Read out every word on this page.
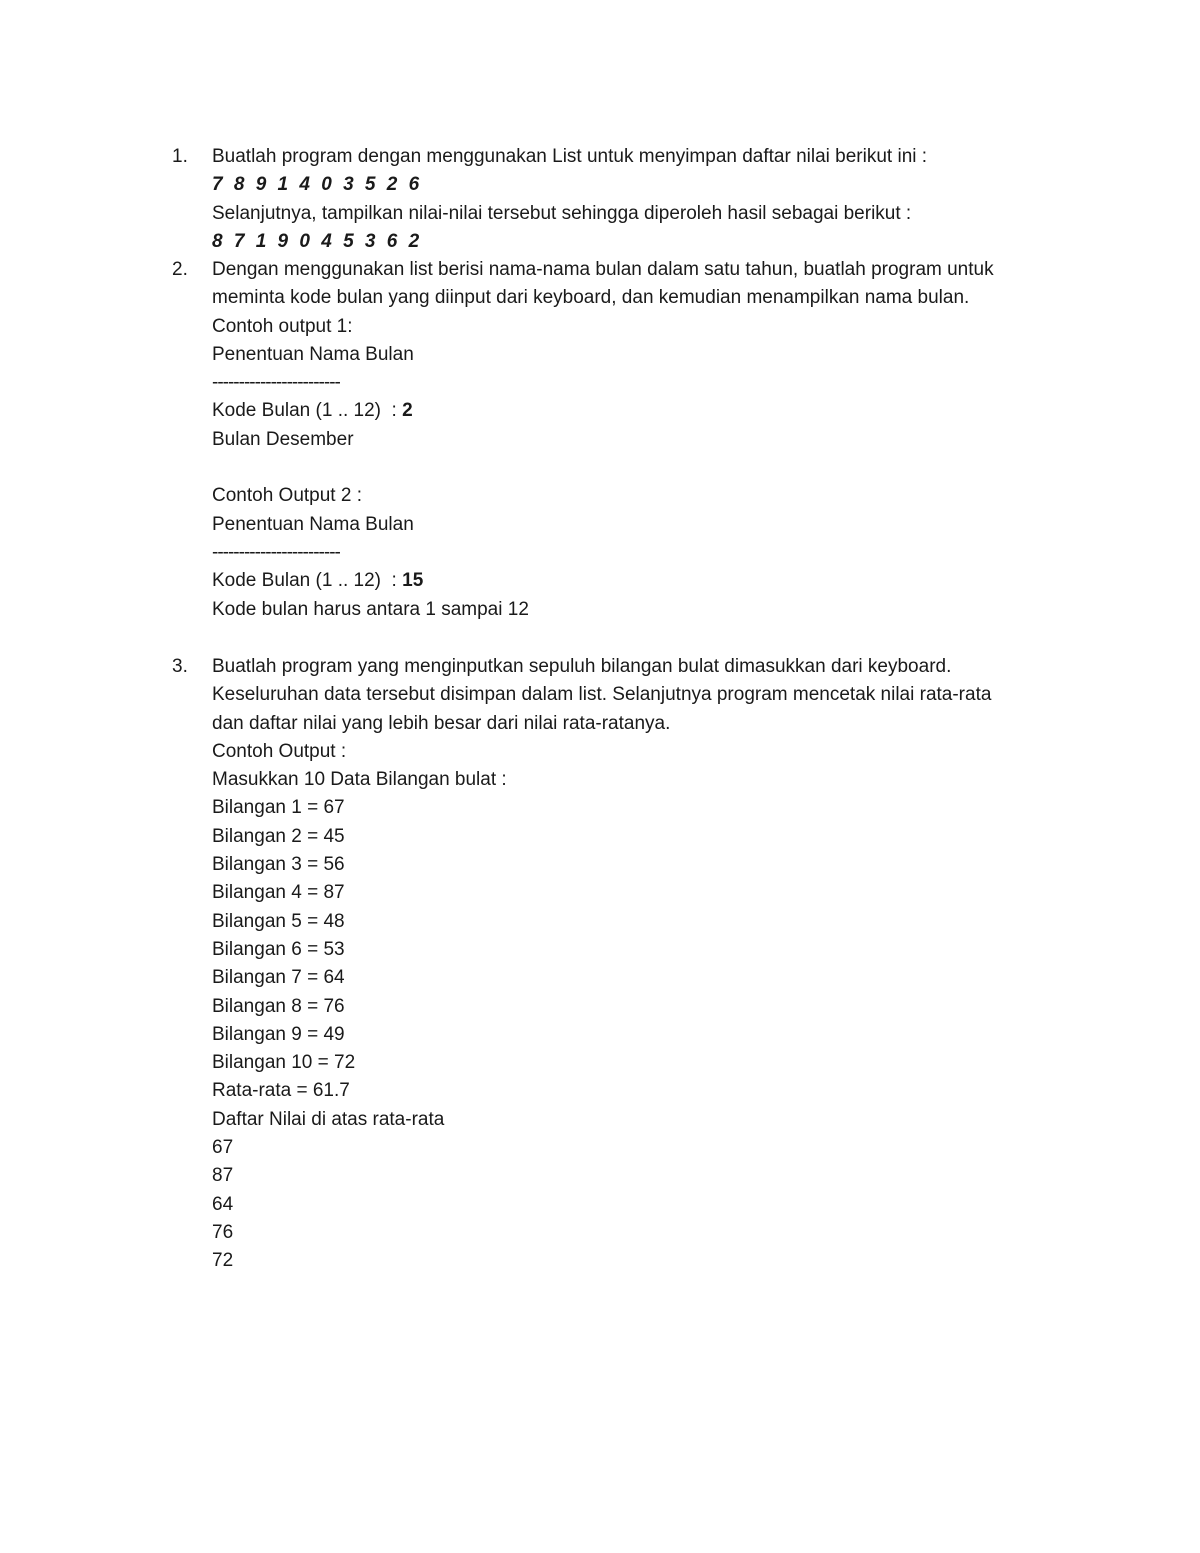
1. Buatlah program dengan menggunakan List untuk menyimpan daftar nilai berikut ini :
7 8 9 1 4 0 3 5 2 6
Selanjutnya, tampilkan nilai-nilai tersebut sehingga diperoleh hasil sebagai berikut :
8 7 1 9 0 4 5 3 6 2
2. Dengan menggunakan list berisi nama-nama bulan dalam satu tahun, buatlah program untuk
meminta kode bulan yang diinput dari keyboard, dan kemudian menampilkan nama bulan.
Contoh output 1:
Penentuan Nama Bulan
------------------------
Kode Bulan (1 .. 12)  : 2
Bulan Desember
Contoh Output 2 :
Penentuan Nama Bulan
------------------------
Kode Bulan (1 .. 12)  : 15
Kode bulan harus antara 1 sampai 12
3. Buatlah program yang menginputkan sepuluh bilangan bulat dimasukkan dari keyboard.
Keseluruhan data tersebut disimpan dalam list. Selanjutnya program mencetak nilai rata-rata
dan daftar nilai yang lebih besar dari nilai rata-ratanya.
Contoh Output :
Masukkan 10 Data Bilangan bulat :
Bilangan 1 = 67
Bilangan 2 = 45
Bilangan 3 = 56
Bilangan 4 = 87
Bilangan 5 = 48
Bilangan 6 = 53
Bilangan 7 = 64
Bilangan 8 = 76
Bilangan 9 = 49
Bilangan 10 = 72
Rata-rata = 61.7
Daftar Nilai di atas rata-rata
67
87
64
76
72
